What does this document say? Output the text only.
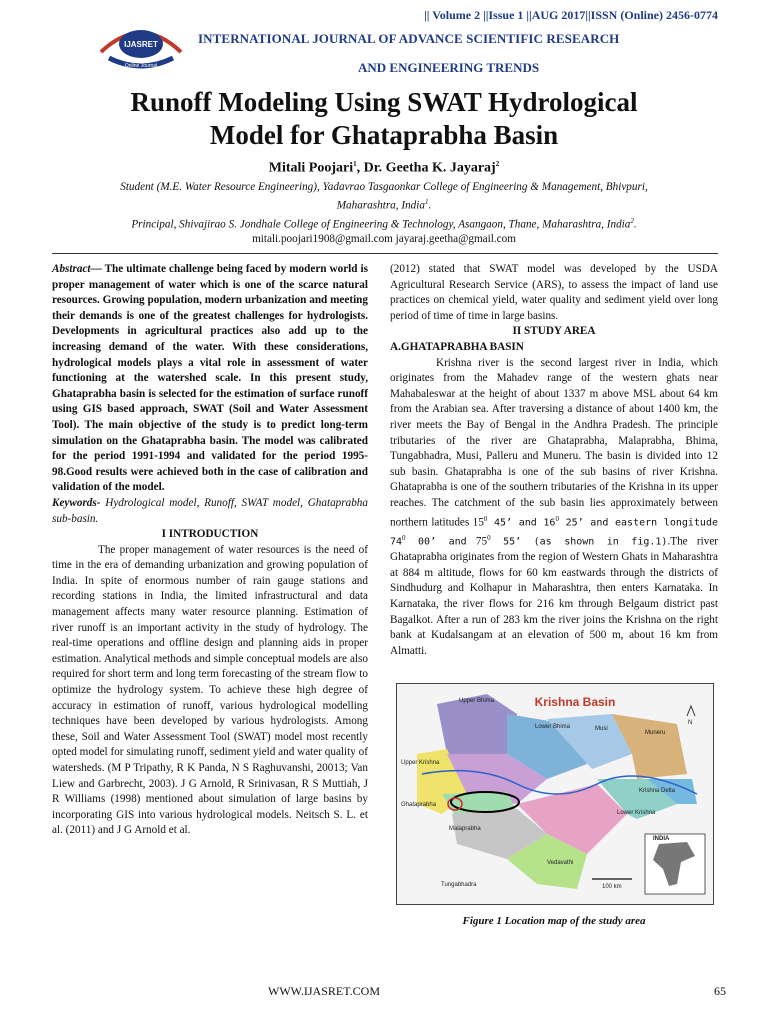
|| Volume 2 ||Issue 1 ||AUG 2017||ISSN (Online) 2456-0774
IJASRET
Online Journal
INTERNATIONAL JOURNAL OF ADVANCE SCIENTIFIC RESEARCH
AND ENGINEERING TRENDS
Runoff Modeling Using SWAT Hydrological
Model for Ghataprabha Basin
Mitali Poojari$^1$, Dr. Geetha K. Jayaraj$^2$
Student (M.E. Water Resource Engineering), Yadavrao Tasgaonkar College of Engineering & Management, Bhivpuri,
Maharashtra, India$^1$.
Principal, Shivajirao S. Jondhale College of Engineering & Technology, Asangaon, Thane, Maharashtra, India$^2$.
mitali.poojari1908@gmail.com jayaraj.geetha@gmail.com

Abstract— The ultimate challenge being faced by modern world is proper management of water which is one of the scarce natural resources. Growing population, modern urbanization and meeting their demands is one of the greatest challenges for hydrologists. Developments in agricultural practices also add up to the increasing demand of the water. With these considerations, hydrological models plays a vital role in assessment of water functioning at the watershed scale. In this present study, Ghataprabha basin is selected for the estimation of surface runoff using GIS based approach, SWAT (Soil and Water Assessment Tool). The main objective of the study is to predict long-term simulation on the Ghataprabha basin. The model was calibrated for the period 1991-1994 and validated for the period 1995-98.Good results were achieved both in the case of calibration and validation of the model.

Keywords- Hydrological model, Runoff, SWAT model, Ghataprabha sub-basin.

I INTRODUCTION

The proper management of water resources is the need of time in the era of demanding urbanization and growing population of India. In spite of enormous number of rain gauge stations and recording stations in India, the limited infrastructural and data management affects many water resource planning. Estimation of river runoff is an important activity in the study of hydrology. The real-time operations and offline design and planning aids in proper estimation. Analytical methods and simple conceptual models are also required for short term and long term forecasting of the stream flow to optimize the hydrology system. To achieve these high degree of accuracy in estimation of runoff, various hydrological modelling techniques have been developed by various hydrologists. Among these, Soil and Water Assessment Tool (SWAT) model most recently opted model for simulating runoff, sediment yield and water quality of watersheds. (M P Tripathy, R K Panda, N S Raghuvanshi, 20013; Van Liew and Garbrecht, 2003). J G Arnold, R Srinivasan, R S Muttiah, J R Williams (1998) mentioned about simulation of large basins by incorporating GIS into various hydrological models. Neitsch S. L. et al. (2011) and J G Arnold et al.

(2012) stated that SWAT model was developed by the USDA Agricultural Research Service (ARS), to assess the impact of land use practices on chemical yield, water quality and sediment yield over long period of time of time in large basins.

II STUDY AREA

A.GHATAPRABHA BASIN

Krishna river is the second largest river in India, which originates from the Mahadev range of the western ghats near Mahabaleswar at the height of about 1337 m above MSL about 64 km from the Arabian sea. After traversing a distance of about 1400 km, the river meets the Bay of Bengal in the Andhra Pradesh. The principle tributaries of the river are Ghataprabha, Malaprabha, Bhima, Tungabhadra, Musi, Palleru and Muneru. The basin is divided into 12 sub basin. Ghataprabha is one of the sub basins of river Krishna. Ghataprabha is one of the southern tributaries of the Krishna in its upper reaches. The catchment of the sub basin lies approximately between northern latitudes $15^0$ 45’ and $16^0$ 25’ and eastern longitude $74^0$ 00’ and $75^0$ 55’ (as shown in fig.1).The river Ghataprabha originates from the region of Western Ghats in Maharashtra at 884 m altitude, flows for 60 km eastwards through the districts of Sindhudurg and Kolhapur in Maharashtra, then enters Karnataka. In Karnataka, the river flows for 216 km through Belgaum district past Bagalkot. After a run of 283 km the river joins the Krishna on the right bank at Kudalsangam at an elevation of 500 m, about 16 km from Almatti.

Krishna Basin
Upper Bhima
Lower Bhima	Musi
Muneru
Upper Krishna
Ghataprabha
Malaprabha
Tungabhadra
Vedavathi
Lower Krishna
Krishna Delta
N
100 km
INDIA
Figure 1 Location map of the study area
WWW.IJASRET.COM	65
